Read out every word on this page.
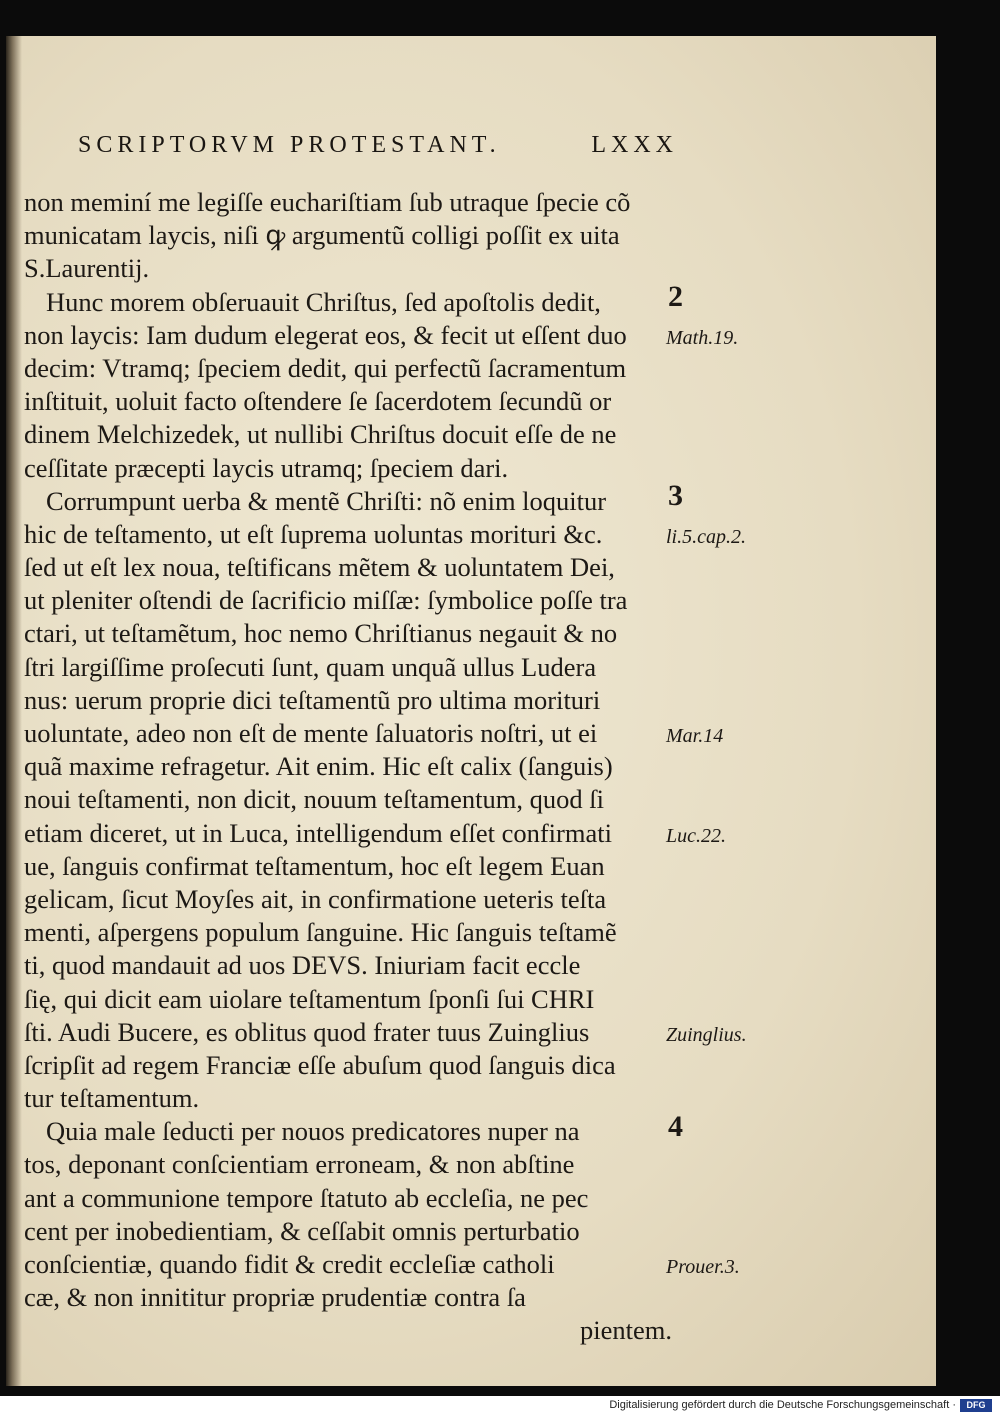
SCRIPTORVM PROTESTANT.	LXXX
non meminí me legiſſe euchariſtiam ſub utraque ſpecie cõ
municatam laycis, niſi ꝙ argumentũ colligi poſſit ex uita
S.Laurentij.
Hunc morem obſeruauit Chriſtus, ſed apoſtolis dedit,
non laycis: Iam dudum elegerat eos, & fecit ut eſſent duo
decim: Vtramq; ſpeciem dedit, qui perfectũ ſacramentum
inſtituit, uoluit facto oſtendere ſe ſacerdotem ſecundũ or
dinem Melchizedek, ut nullibi Chriſtus docuit eſſe de ne
ceſſitate præcepti laycis utramq; ſpeciem dari.
Corrumpunt uerba & mentẽ Chriſti: nõ enim loquitur
hic de teſtamento, ut eſt ſuprema uoluntas morituri &c.
ſed ut eſt lex noua, teſtificans mẽtem & uoluntatem Dei,
ut pleniter oſtendi de ſacrificio miſſæ: ſymbolice poſſe tra
ctari, ut teſtamẽtum, hoc nemo Chriſtianus negauit & no
ſtri largiſſime proſecuti ſunt, quam unquã ullus Ludera
nus: uerum proprie dici teſtamentũ pro ultima morituri
uoluntate, adeo non eſt de mente ſaluatoris noſtri, ut ei
quã maxime refragetur. Ait enim. Hic eſt calix (ſanguis)
noui teſtamenti, non dicit, nouum teſtamentum, quod ſi
etiam diceret, ut in Luca, intelligendum eſſet confirmati
ue, ſanguis confirmat teſtamentum, hoc eſt legem Euan
gelicam, ſicut Moyſes ait, in confirmatione ueteris teſta
menti, aſpergens populum ſanguine. Hic ſanguis teſtamẽ
ti, quod mandauit ad uos DEVS. Iniuriam facit eccle
ſię, qui dicit eam uiolare teſtamentum ſponſi ſui CHRI
ſti. Audi Bucere, es oblitus quod frater tuus Zuinglius
ſcripſit ad regem Franciæ eſſe abuſum quod ſanguis dica
tur teſtamentum.
Quia male ſeducti per nouos predicatores nuper na
tos, deponant conſcientiam erroneam, & non abſtine
ant a communione tempore ſtatuto ab eccleſia, ne pec
cent per inobedientiam, & ceſſabit omnis perturbatio
conſcientiæ, quando fidit & credit eccleſiæ catholi
cæ, & non innititur propriæ prudentiæ contra ſa
pientem.
2
Math.19.
3
li.5.cap.2.
Mar.14
Luc.22.
Zuinglius.
4
Prouer.3.
Digitalisierung gefördert durch die Deutsche Forschungsgemeinschaft ·	DFG
